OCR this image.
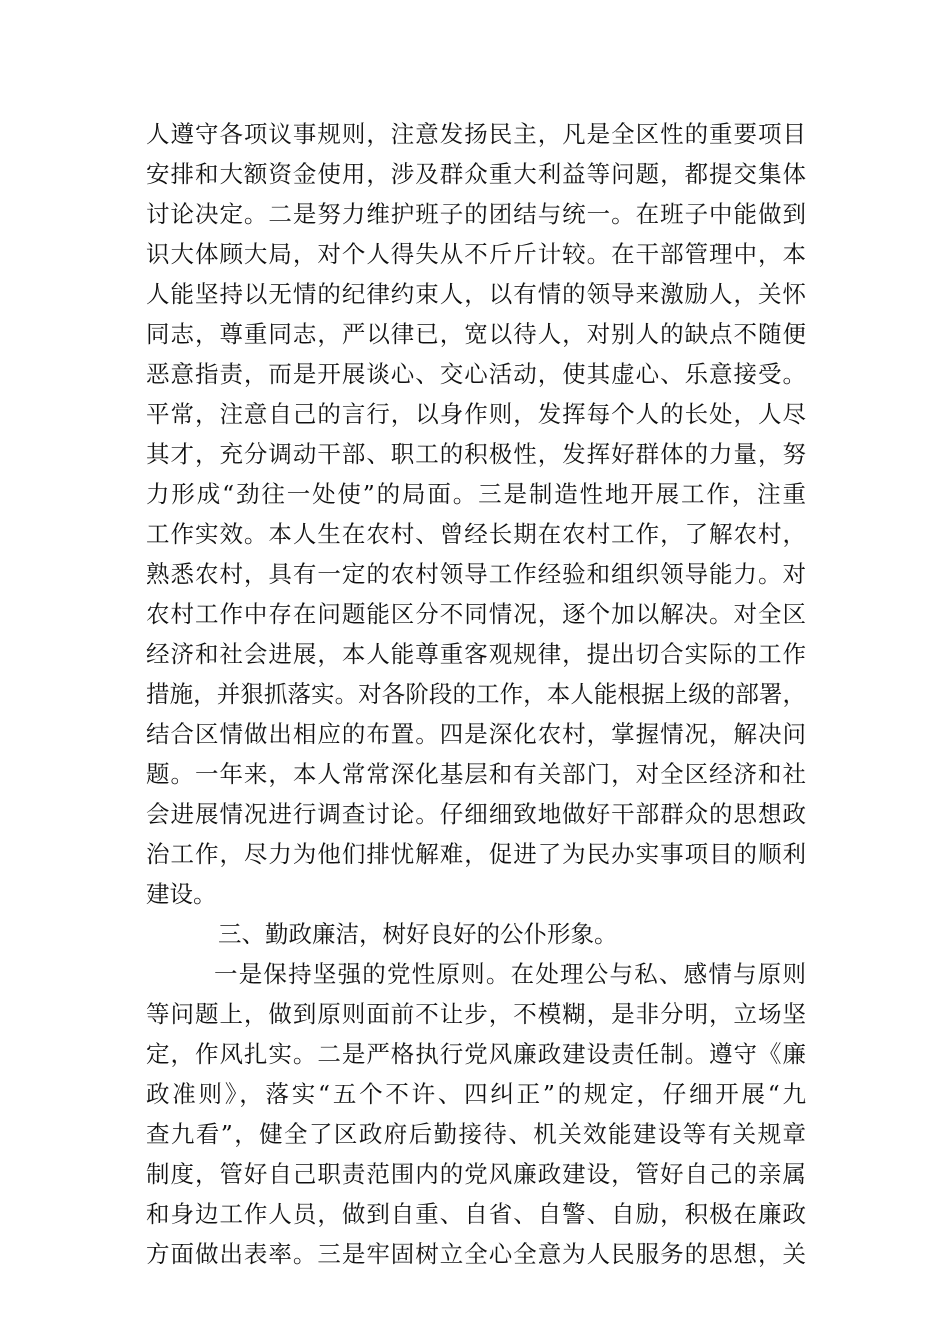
人遵守各项议事规则，注意发扬民主，凡是全区性的重要项目
安排和大额资金使用，涉及群众重大利益等问题，都提交集体
讨论决定。二是努力维护班子的团结与统一。在班子中能做到
识大体顾大局，对个人得失从不斤斤计较。在干部管理中，本
人能坚持以无情的纪律约束人，以有情的领导来激励人，关怀
同志，尊重同志，严以律已，宽以待人，对别人的缺点不随便
恶意指责，而是开展谈心、交心活动，使其虚心、乐意接受。
平常，注意自己的言行，以身作则，发挥每个人的长处，人尽
其才，充分调动干部、职工的积极性，发挥好群体的力量，努
力形成“劲往一处使”的局面。三是制造性地开展工作，注重
工作实效。本人生在农村、曾经长期在农村工作，了解农村，
熟悉农村，具有一定的农村领导工作经验和组织领导能力。对
农村工作中存在问题能区分不同情况，逐个加以解决。对全区
经济和社会进展，本人能尊重客观规律，提出切合实际的工作
措施，并狠抓落实。对各阶段的工作，本人能根据上级的部署，
结合区情做出相应的布置。四是深化农村，掌握情况，解决问
题。一年来，本人常常深化基层和有关部门，对全区经济和社
会进展情况进行调查讨论。仔细细致地做好干部群众的思想政
治工作，尽力为他们排忧解难，促进了为民办实事项目的顺利
建设。
三、勤政廉洁，树好良好的公仆形象。
一是保持坚强的党性原则。在处理公与私、感情与原则
等问题上，做到原则面前不让步，不模糊，是非分明，立场坚
定，作风扎实。二是严格执行党风廉政建设责任制。遵守《廉
政准则》，落实“五个不许、四纠正”的规定，仔细开展“九
查九看”，健全了区政府后勤接待、机关效能建设等有关规章
制度，管好自己职责范围内的党风廉政建设，管好自己的亲属
和身边工作人员，做到自重、自省、自警、自励，积极在廉政
方面做出表率。三是牢固树立全心全意为人民服务的思想，关
